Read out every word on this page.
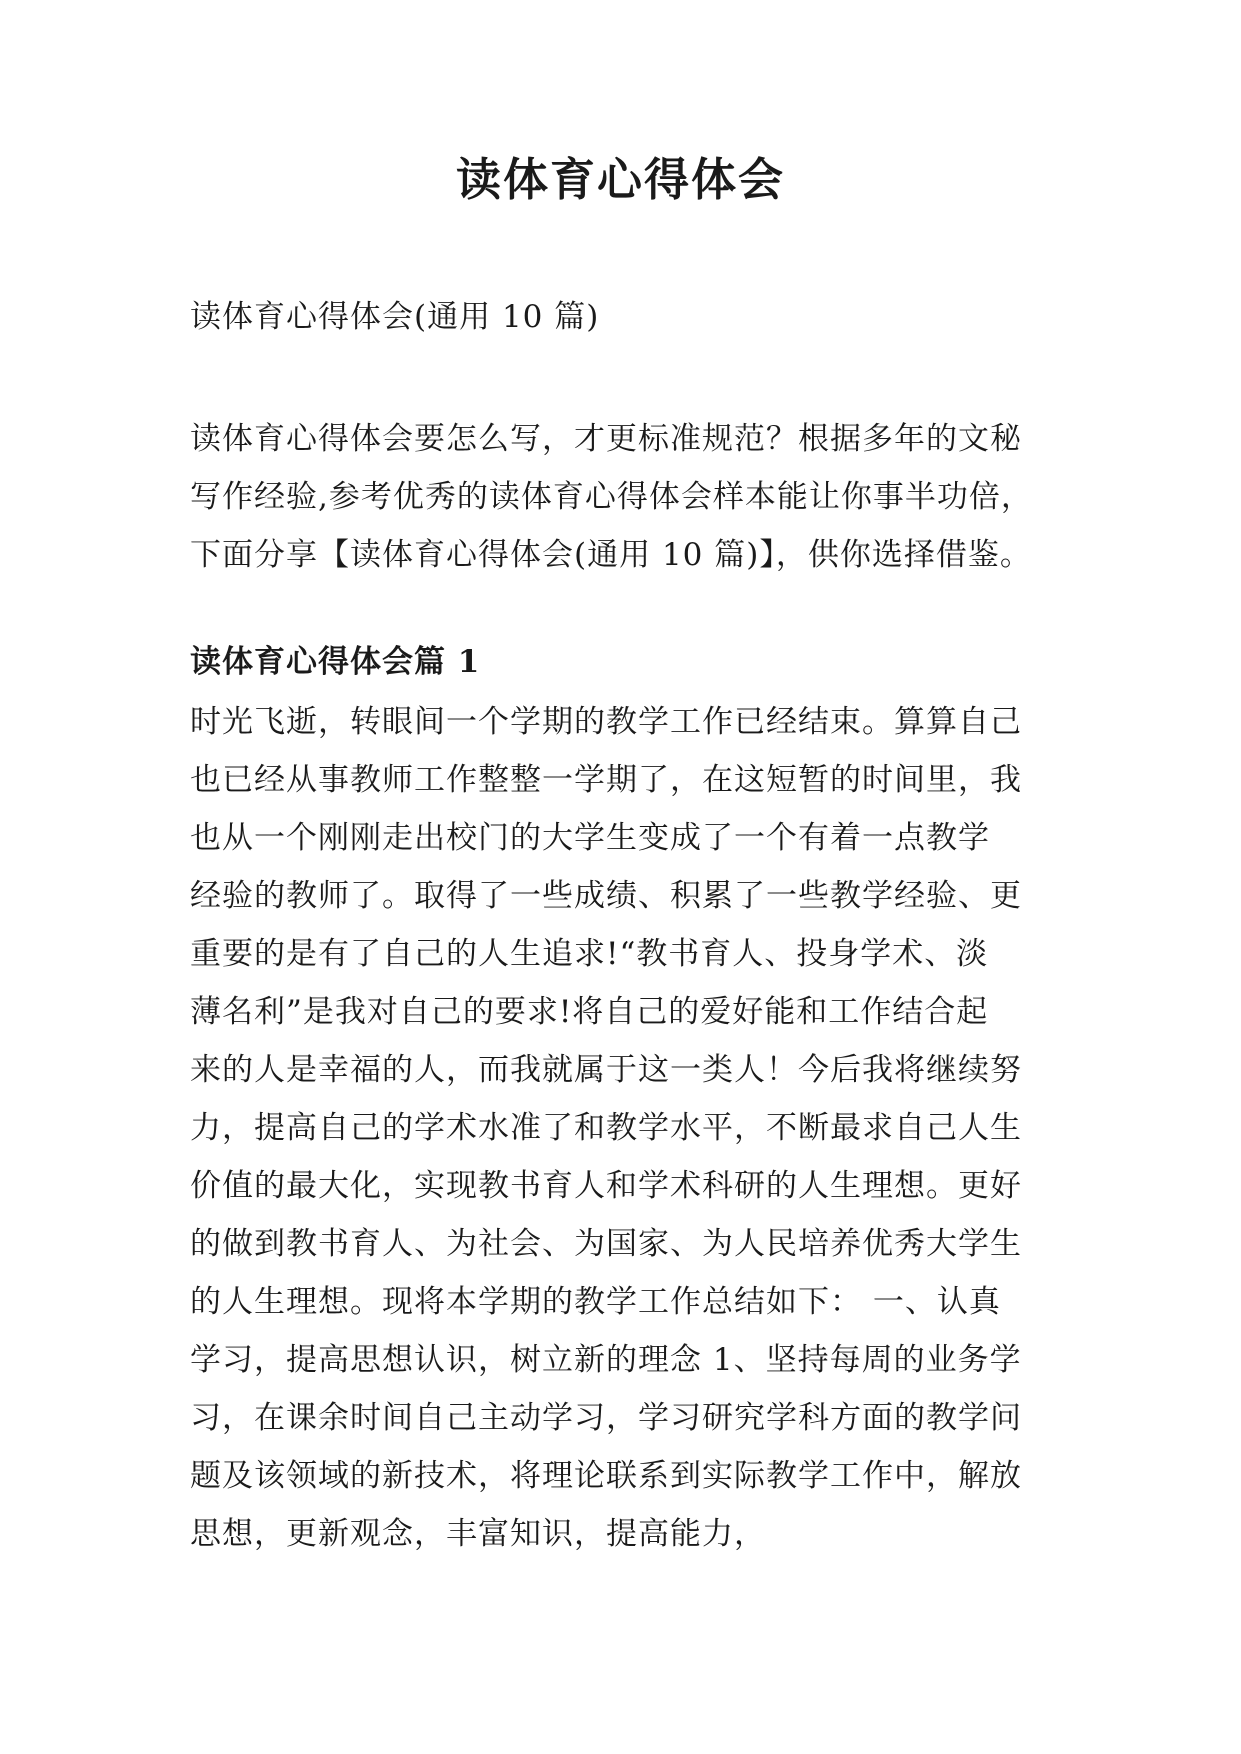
读体育心得体会

读体育心得体会(通用 10 篇)

读体育心得体会要怎么写，才更标准规范？根据多年的文秘
写作经验,参考优秀的读体育心得体会样本能让你事半功倍，
下面分享【读体育心得体会(通用 10 篇)】，供你选择借鉴。

读体育心得体会篇 1

时光飞逝，转眼间一个学期的教学工作已经结束。算算自己
也已经从事教师工作整整一学期了，在这短暂的时间里，我
也从一个刚刚走出校门的大学生变成了一个有着一点教学
经验的教师了。取得了一些成绩、积累了一些教学经验、更
重要的是有了自己的人生追求!“教书育人、投身学术、淡
薄名利”是我对自己的要求!将自己的爱好能和工作结合起
来的人是幸福的人，而我就属于这一类人！今后我将继续努
力，提高自己的学术水准了和教学水平，不断最求自己人生
价值的最大化，实现教书育人和学术科研的人生理想。更好
的做到教书育人、为社会、为国家、为人民培养优秀大学生
的人生理想。现将本学期的教学工作总结如下： 一、认真
学习，提高思想认识，树立新的理念 1、坚持每周的业务学
习，在课余时间自己主动学习，学习研究学科方面的教学问
题及该领域的新技术，将理论联系到实际教学工作中，解放
思想，更新观念，丰富知识，提高能力，
